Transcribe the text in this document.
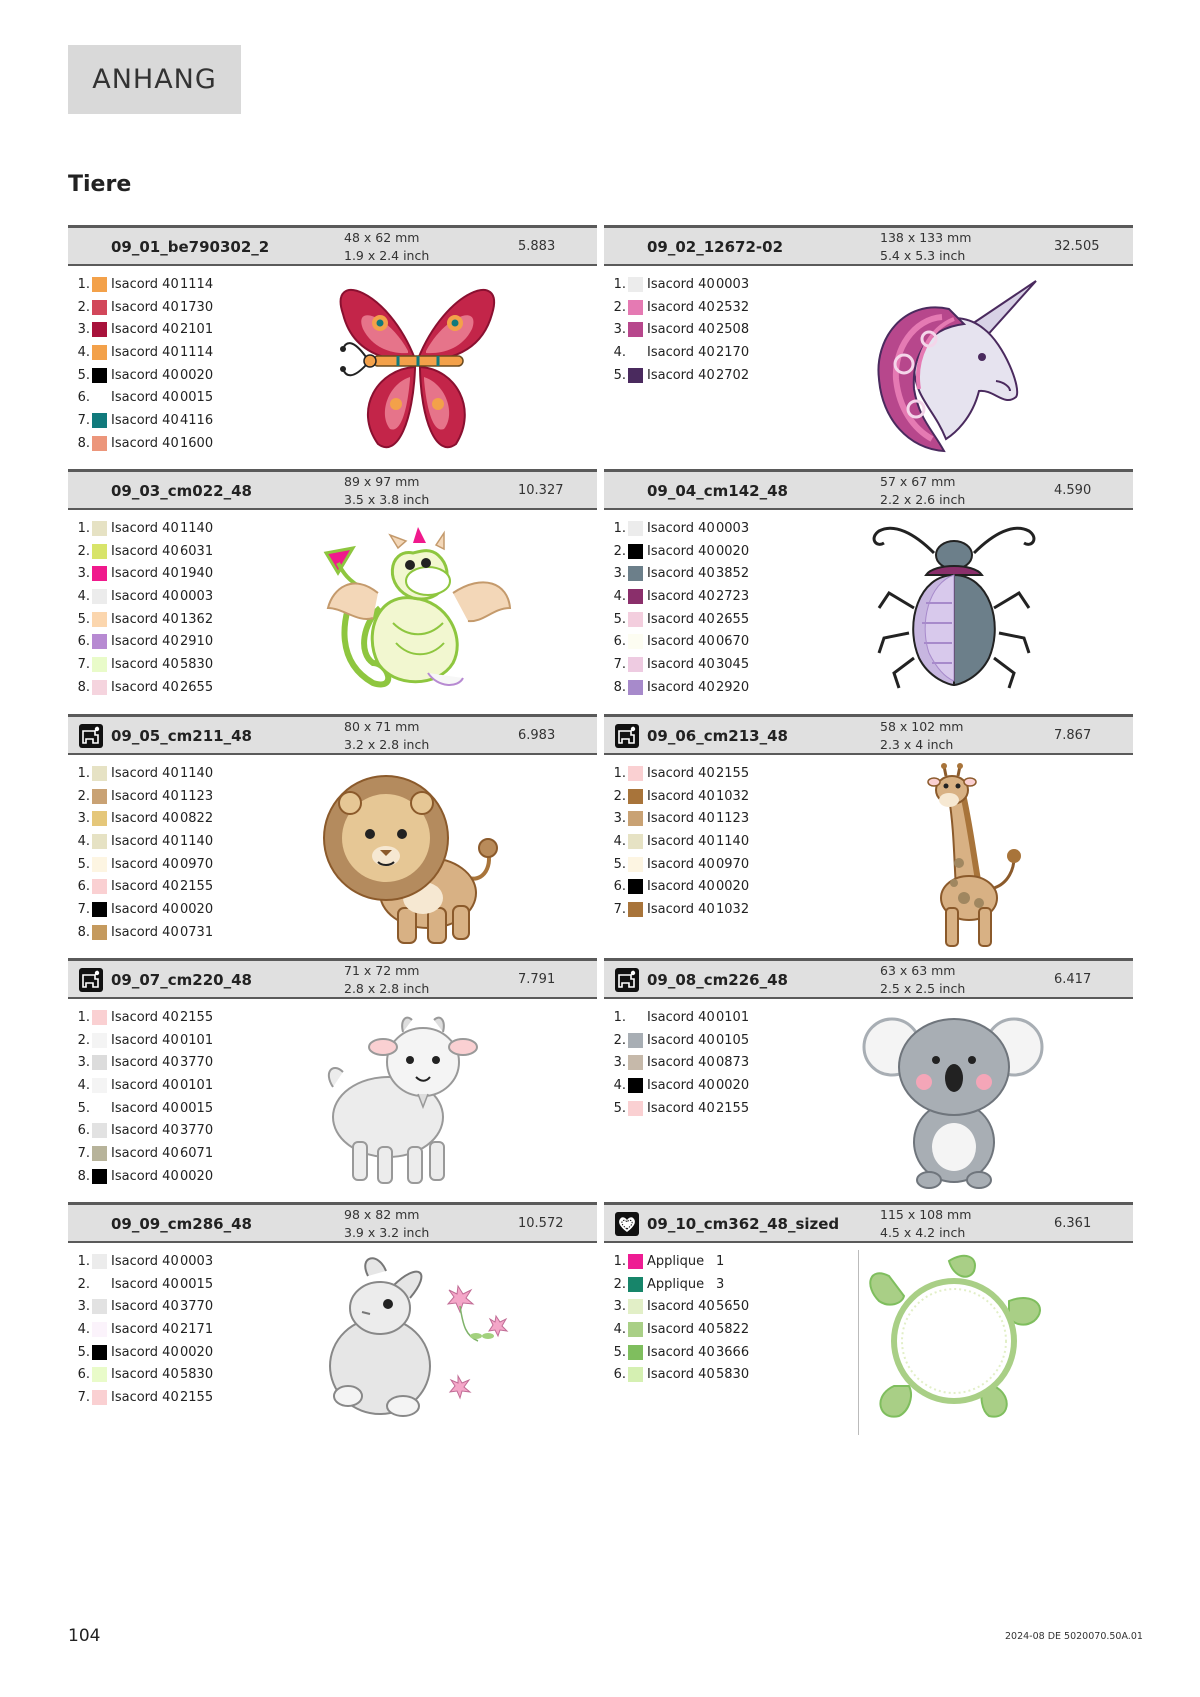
ANHANG
Tiere
09_01_be790302_2
48 x 62 mm
1.9 x 2.4 inch
5.883
1. Isacord 40 1114
2. Isacord 40 1730
3. Isacord 40 2101
4. Isacord 40 1114
5. Isacord 40 0020
6. Isacord 40 0015
7. Isacord 40 4116
8. Isacord 40 1600
09_02_12672-02
138 x 133 mm
5.4 x 5.3 inch
32.505
1. Isacord 40 0003
2. Isacord 40 2532
3. Isacord 40 2508
4. Isacord 40 2170
5. Isacord 40 2702
09_03_cm022_48
89 x 97 mm
3.5 x 3.8 inch
10.327
1. Isacord 40 1140
2. Isacord 40 6031
3. Isacord 40 1940
4. Isacord 40 0003
5. Isacord 40 1362
6. Isacord 40 2910
7. Isacord 40 5830
8. Isacord 40 2655
09_04_cm142_48
57 x 67 mm
2.2 x 2.6 inch
4.590
1. Isacord 40 0003
2. Isacord 40 0020
3. Isacord 40 3852
4. Isacord 40 2723
5. Isacord 40 2655
6. Isacord 40 0670
7. Isacord 40 3045
8. Isacord 40 2920
09_05_cm211_48
80 x 71 mm
3.2 x 2.8 inch
6.983
1. Isacord 40 1140
2. Isacord 40 1123
3. Isacord 40 0822
4. Isacord 40 1140
5. Isacord 40 0970
6. Isacord 40 2155
7. Isacord 40 0020
8. Isacord 40 0731
09_06_cm213_48
58 x 102 mm
2.3 x 4 inch
7.867
1. Isacord 40 2155
2. Isacord 40 1032
3. Isacord 40 1123
4. Isacord 40 1140
5. Isacord 40 0970
6. Isacord 40 0020
7. Isacord 40 1032
09_07_cm220_48
71 x 72 mm
2.8 x 2.8 inch
7.791
1. Isacord 40 2155
2. Isacord 40 0101
3. Isacord 40 3770
4. Isacord 40 0101
5. Isacord 40 0015
6. Isacord 40 3770
7. Isacord 40 6071
8. Isacord 40 0020
09_08_cm226_48
63 x 63 mm
2.5 x 2.5 inch
6.417
1. Isacord 40 0101
2. Isacord 40 0105
3. Isacord 40 0873
4. Isacord 40 0020
5. Isacord 40 2155
09_09_cm286_48
98 x 82 mm
3.9 x 3.2 inch
10.572
1. Isacord 40 0003
2. Isacord 40 0015
3. Isacord 40 3770
4. Isacord 40 2171
5. Isacord 40 0020
6. Isacord 40 5830
7. Isacord 40 2155
09_10_cm362_48_sized
115 x 108 mm
4.5 x 4.2 inch
6.361
1. Applique 1
2. Applique 3
3. Isacord 40 5650
4. Isacord 40 5822
5. Isacord 40 3666
6. Isacord 40 5830
104	2024-08 DE 5020070.50A.01
